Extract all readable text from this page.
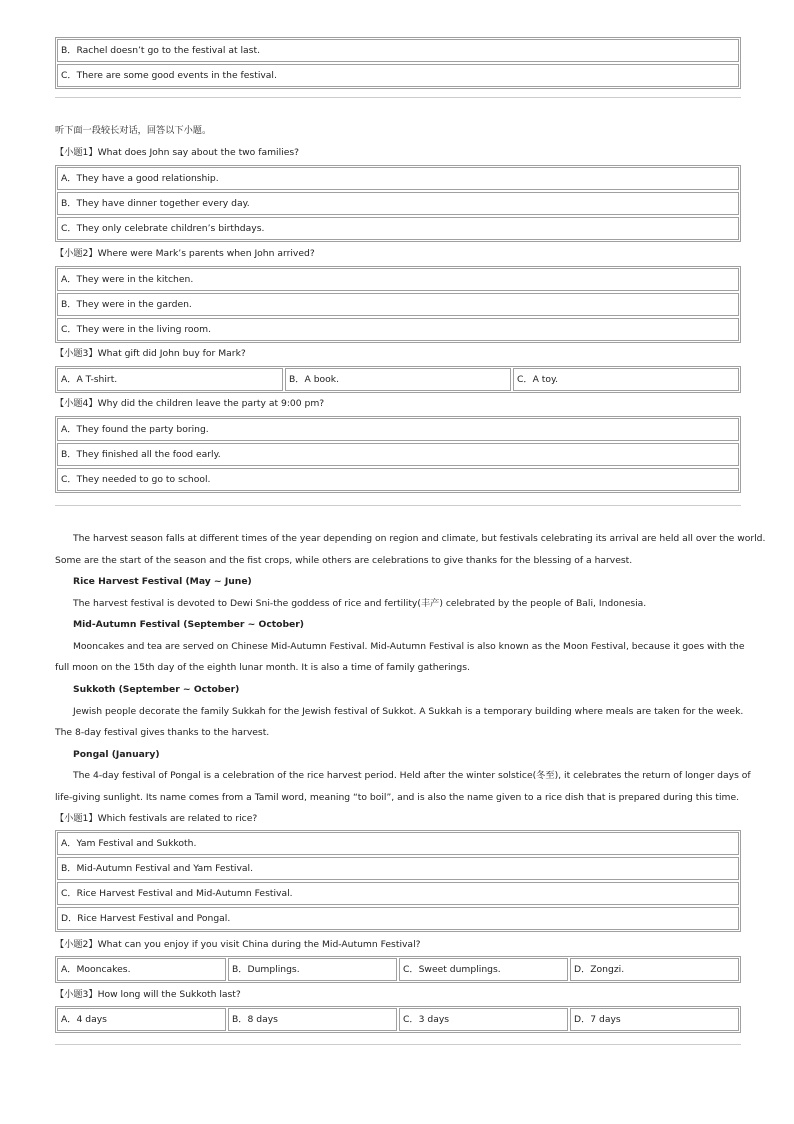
B．Rachel doesn’t go to the festival at last.
C．There are some good events in the festival.
听下面一段较长对话，回答以下小题。
【小题1】What does John say about the two families?
A．They have a good relationship.
B．They have dinner together every day.
C．They only celebrate children’s birthdays.
【小题2】Where were Mark’s parents when John arrived?
A．They were in the kitchen.
B．They were in the garden.
C．They were in the living room.
【小题3】What gift did John buy for Mark?
A．A T-shirt.	B．A book.	C．A toy.
【小题4】Why did the children leave the party at 9:00 pm?
A．They found the party boring.
B．They finished all the food early.
C．They needed to go to school.
The harvest season falls at different times of the year depending on region and climate, but festivals celebrating its arrival are held all over the world.
Some are the start of the season and the fist crops, while others are celebrations to give thanks for the blessing of a harvest.
Rice Harvest Festival (May ~ June)
The harvest festival is devoted to Dewi Sni-the goddess of rice and fertility(丰产) celebrated by the people of Bali, Indonesia.
Mid-Autumn Festival (September ~ October)
Mooncakes and tea are served on Chinese Mid-Autumn Festival. Mid-Autumn Festival is also known as the Moon Festival, because it goes with the
full moon on the 15th day of the eighth lunar month. It is also a time of family gatherings.
Sukkoth (September ~ October)
Jewish people decorate the family Sukkah for the Jewish festival of Sukkot. A Sukkah is a temporary building where meals are taken for the week.
The 8-day festival gives thanks to the harvest.
Pongal (January)
The 4-day festival of Pongal is a celebration of the rice harvest period. Held after the winter solstice(冬至), it celebrates the return of longer days of
life-giving sunlight. Its name comes from a Tamil word, meaning “to boil”, and is also the name given to a rice dish that is prepared during this time.
【小题1】Which festivals are related to rice?
A．Yam Festival and Sukkoth.
B．Mid-Autumn Festival and Yam Festival.
C．Rice Harvest Festival and Mid-Autumn Festival.
D．Rice Harvest Festival and Pongal.
【小题2】What can you enjoy if you visit China during the Mid-Autumn Festival?
A．Mooncakes.	B．Dumplings.	C．Sweet dumplings.	D．Zongzi.
【小题3】How long will the Sukkoth last?
A．4 days	B．8 days	C．3 days	D．7 days
